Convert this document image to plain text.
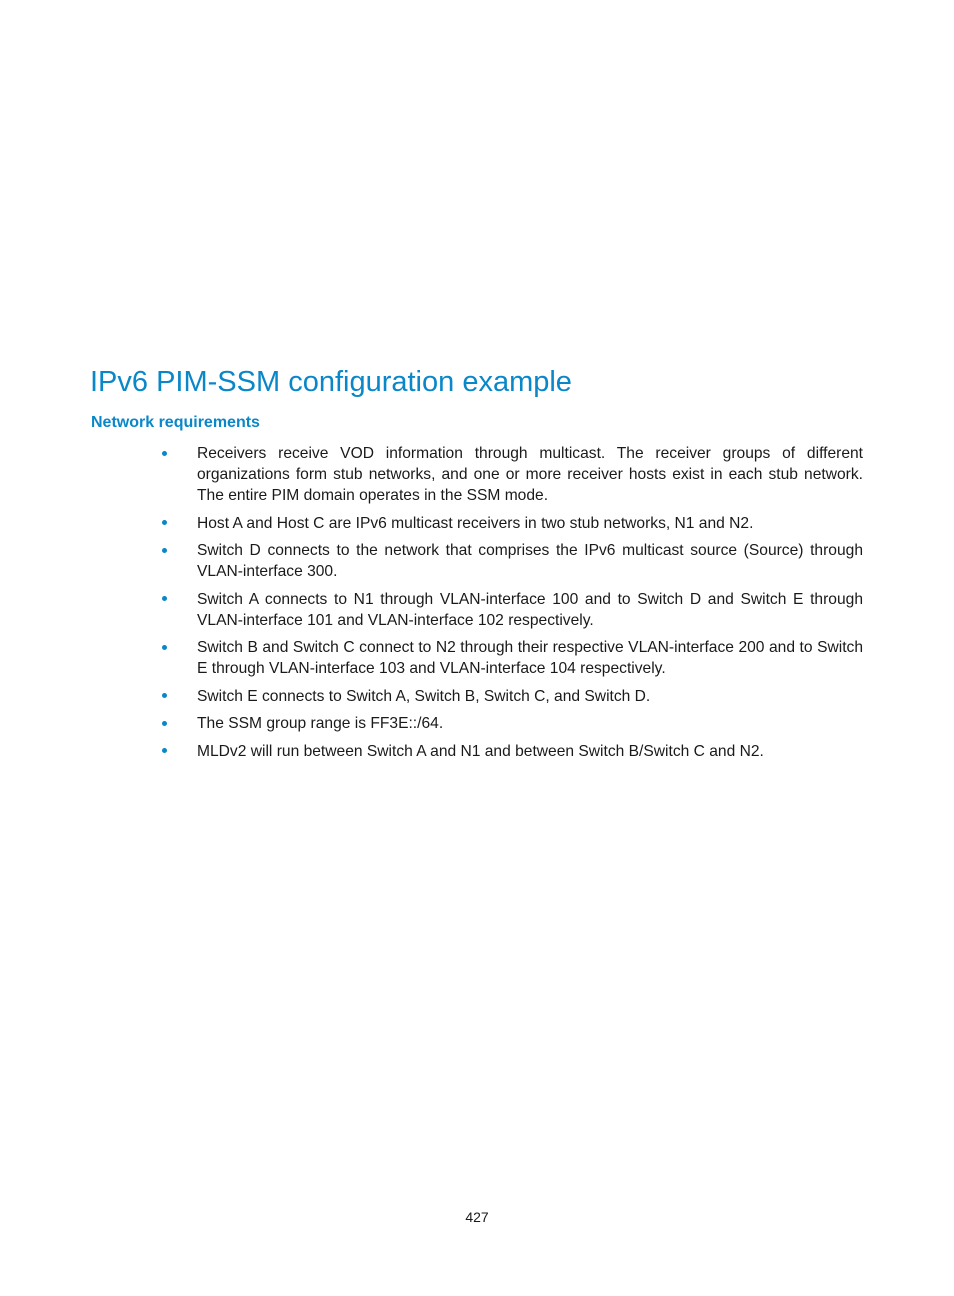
IPv6 PIM-SSM configuration example
Network requirements
Receivers receive VOD information through multicast. The receiver groups of different organizations form stub networks, and one or more receiver hosts exist in each stub network. The entire PIM domain operates in the SSM mode.
Host A and Host C are IPv6 multicast receivers in two stub networks, N1 and N2.
Switch D connects to the network that comprises the IPv6 multicast source (Source) through VLAN-interface 300.
Switch A connects to N1 through VLAN-interface 100 and to Switch D and Switch E through VLAN-interface 101 and VLAN-interface 102 respectively.
Switch B and Switch C connect to N2 through their respective VLAN-interface 200 and to Switch E through VLAN-interface 103 and VLAN-interface 104 respectively.
Switch E connects to Switch A, Switch B, Switch C, and Switch D.
The SSM group range is FF3E::/64.
MLDv2 will run between Switch A and N1 and between Switch B/Switch C and N2.
427
